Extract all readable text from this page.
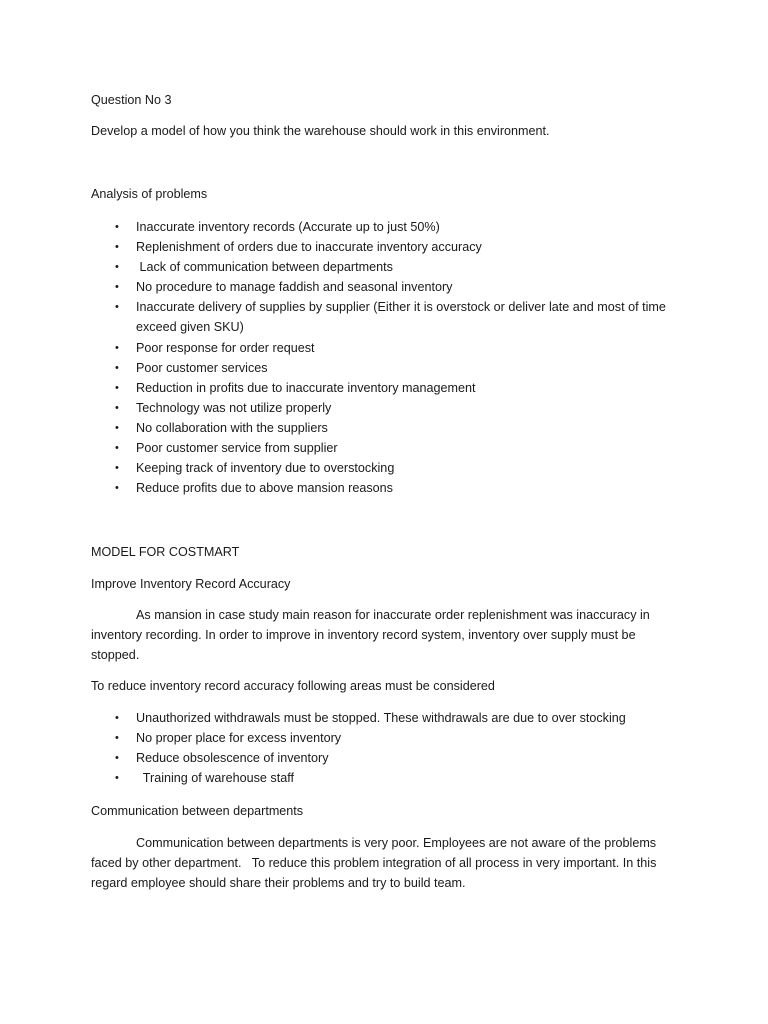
Question No 3
Develop a model of how you think the warehouse should work in this environment.
Analysis of problems
• Inaccurate inventory records (Accurate up to just 50%)
• Replenishment of orders due to inaccurate inventory accuracy
• Lack of communication between departments
• No procedure to manage faddish and seasonal inventory
• Inaccurate delivery of supplies by supplier (Either it is overstock or deliver late and most of time exceed given SKU)
• Poor response for order request
• Poor customer services
• Reduction in profits due to inaccurate inventory management
• Technology was not utilize properly
• No collaboration with the suppliers
• Poor customer service from supplier
• Keeping track of inventory due to overstocking
• Reduce profits due to above mansion reasons
MODEL FOR COSTMART
Improve Inventory Record Accuracy
As mansion in case study main reason for inaccurate order replenishment was inaccuracy in inventory recording. In order to improve in inventory record system, inventory over supply must be stopped.
To reduce inventory record accuracy following areas must be considered
• Unauthorized withdrawals must be stopped. These withdrawals are due to over stocking
• No proper place for excess inventory
• Reduce obsolescence of inventory
• Training of warehouse staff
Communication between departments
Communication between departments is very poor. Employees are not aware of the problems faced by other department.   To reduce this problem integration of all process in very important. In this regard employee should share their problems and try to build team.
